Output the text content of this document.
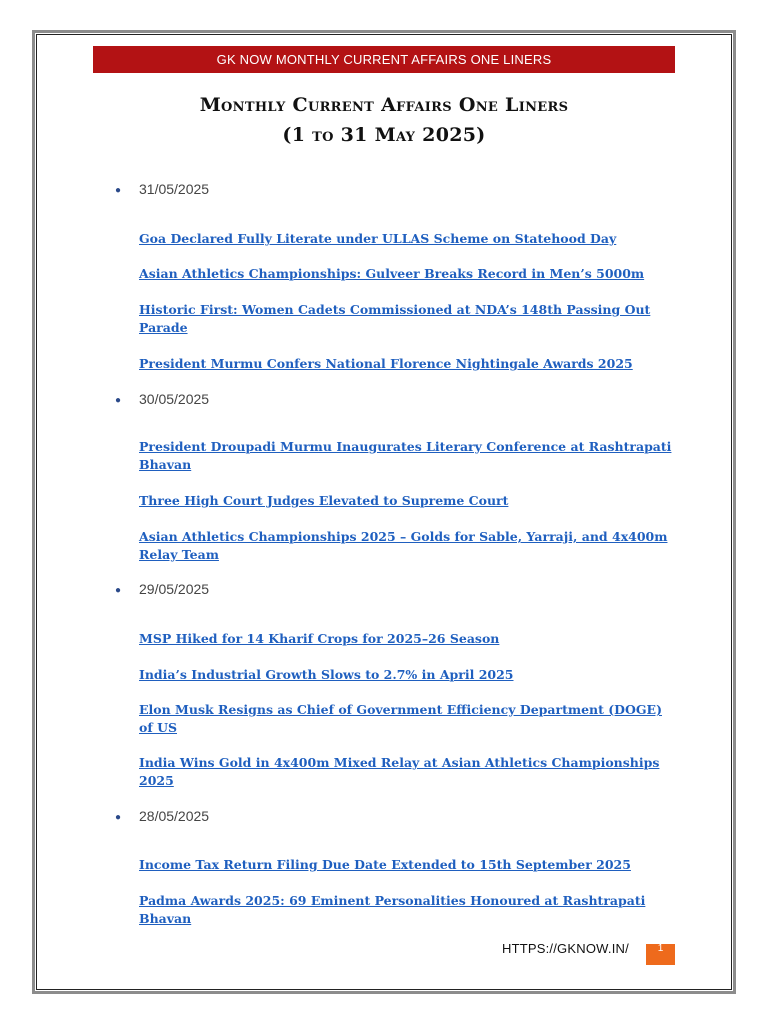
GK NOW MONTHLY CURRENT AFFAIRS ONE LINERS
Monthly Current Affairs One Liners
(1 to 31 May 2025)
● 31/05/2025
Goa Declared Fully Literate under ULLAS Scheme on Statehood Day
Asian Athletics Championships: Gulveer Breaks Record in Men’s 5000m
Historic First: Women Cadets Commissioned at NDA’s 148th Passing Out Parade
President Murmu Confers National Florence Nightingale Awards 2025
● 30/05/2025
President Droupadi Murmu Inaugurates Literary Conference at Rashtrapati Bhavan
Three High Court Judges Elevated to Supreme Court
Asian Athletics Championships 2025 – Golds for Sable, Yarraji, and 4x400m Relay Team
● 29/05/2025
MSP Hiked for 14 Kharif Crops for 2025–26 Season
India’s Industrial Growth Slows to 2.7% in April 2025
Elon Musk Resigns as Chief of Government Efficiency Department (DOGE) of US
India Wins Gold in 4x400m Mixed Relay at Asian Athletics Championships 2025
● 28/05/2025
Income Tax Return Filing Due Date Extended to 15th September 2025
Padma Awards 2025: 69 Eminent Personalities Honoured at Rashtrapati Bhavan
HTTPS://GKNOW.IN/	1
